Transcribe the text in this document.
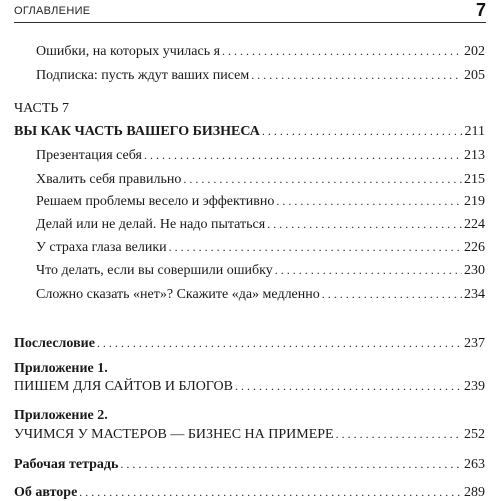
ОГЛАВЛЕНИЕ	7
Ошибки, на которых училась я . . .	202
Подписка: пусть ждут ваших писем . . .	205
ЧАСТЬ 7
ВЫ КАК ЧАСТЬ ВАШЕГО БИЗНЕСА . . .	211
Презентация себя . . .	213
Хвалить себя правильно . . .	215
Решаем проблемы весело и эффективно . . .	219
Делай или не делай. Не надо пытаться . . .	224
У страха глаза велики . . .	226
Что делать, если вы совершили ошибку . . .	230
Сложно сказать «нет»? Скажите «да» медленно . . .	234
Послесловие . . .	237
Приложение 1.
ПИШЕМ ДЛЯ САЙТОВ И БЛОГОВ . . .	239
Приложение 2.
УЧИМСЯ У МАСТЕРОВ — БИЗНЕС НА ПРИМЕРЕ . . .	252
Рабочая тетрадь . . .	263
Об авторе . . .	289
